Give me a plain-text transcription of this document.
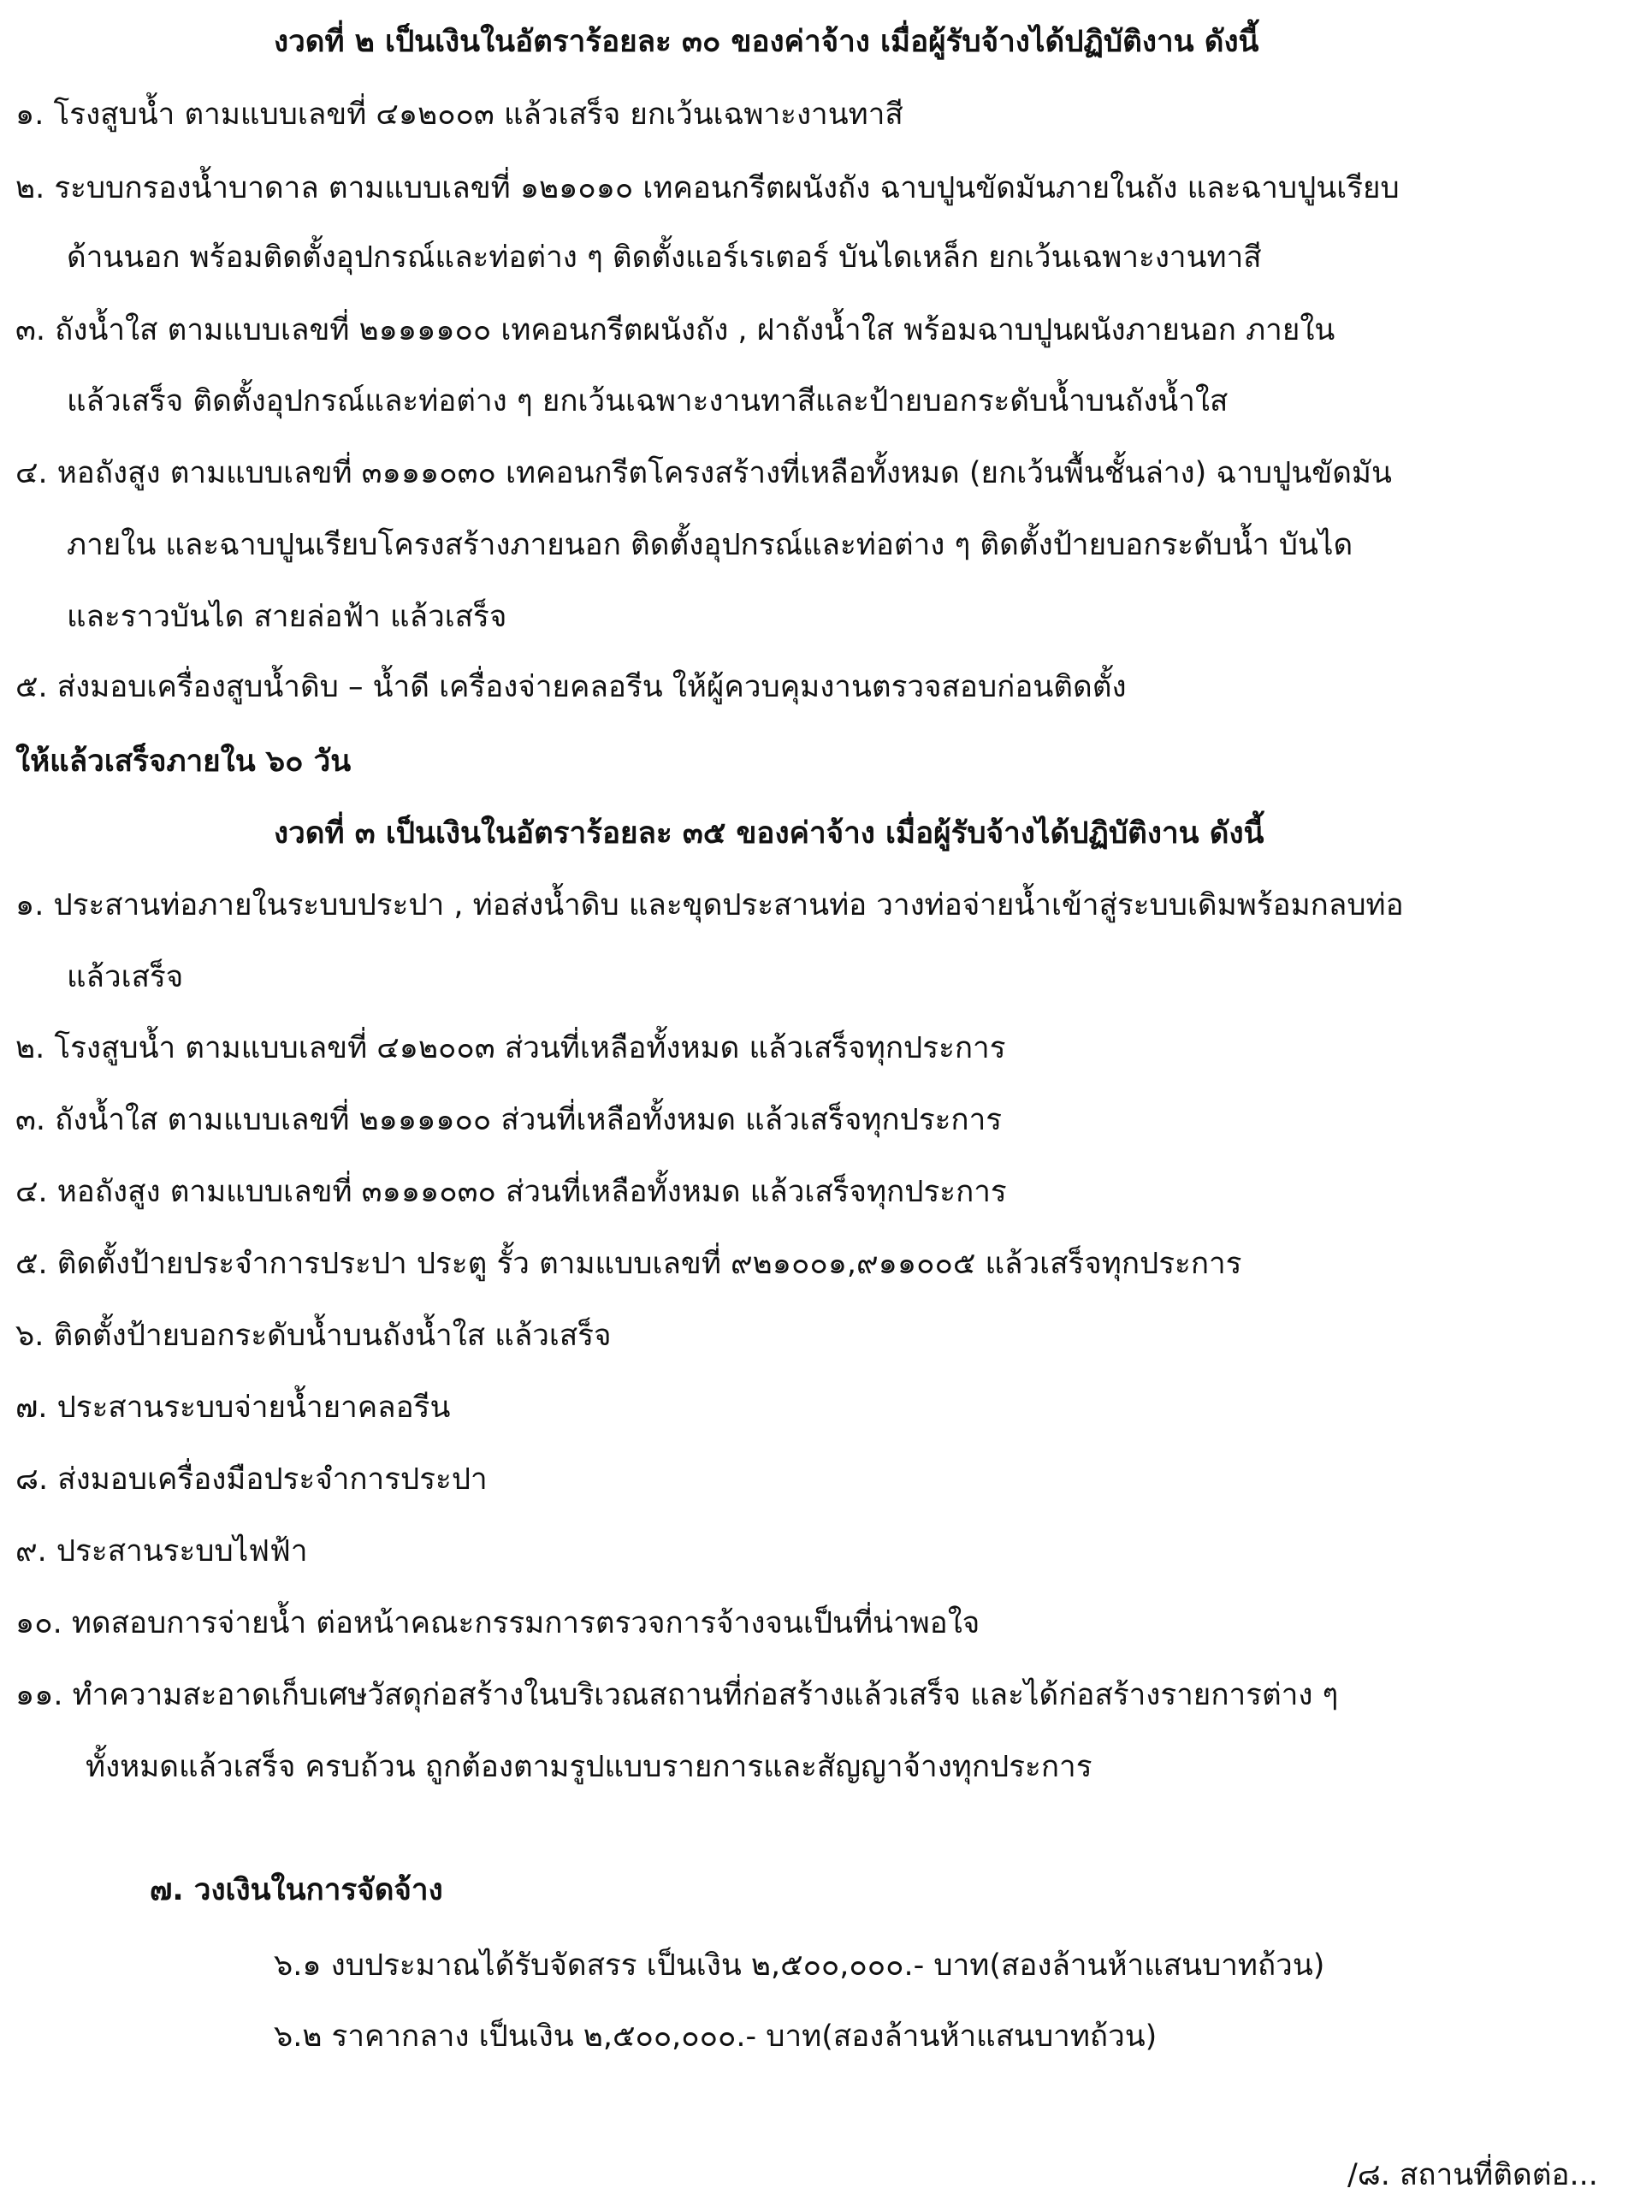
งวดที่ ๒ เป็นเงินในอัตราร้อยละ ๓๐ ของค่าจ้าง เมื่อผู้รับจ้างได้ปฏิบัติงาน ดังนี้
๑. โรงสูบน้ำ ตามแบบเลขที่ ๔๑๒๐๐๓ แล้วเสร็จ ยกเว้นเฉพาะงานทาสี
๒. ระบบกรองน้ำบาดาล ตามแบบเลขที่ ๑๒๑๐๑๐ เทคอนกรีตผนังถัง ฉาบปูนขัดมันภายในถัง และฉาบปูนเรียบ
ด้านนอก พร้อมติดตั้งอุปกรณ์และท่อต่าง ๆ ติดตั้งแอร์เรเตอร์ บันไดเหล็ก ยกเว้นเฉพาะงานทาสี
๓. ถังน้ำใส ตามแบบเลขที่ ๒๑๑๑๑๐๐ เทคอนกรีตผนังถัง , ฝาถังน้ำใส พร้อมฉาบปูนผนังภายนอก ภายใน
แล้วเสร็จ ติดตั้งอุปกรณ์และท่อต่าง ๆ ยกเว้นเฉพาะงานทาสีและป้ายบอกระดับน้ำบนถังน้ำใส
๔. หอถังสูง ตามแบบเลขที่ ๓๑๑๑๐๓๐ เทคอนกรีตโครงสร้างที่เหลือทั้งหมด (ยกเว้นพื้นชั้นล่าง) ฉาบปูนขัดมัน
ภายใน และฉาบปูนเรียบโครงสร้างภายนอก ติดตั้งอุปกรณ์และท่อต่าง ๆ ติดตั้งป้ายบอกระดับน้ำ บันได
และราวบันได สายล่อฟ้า แล้วเสร็จ
๕. ส่งมอบเครื่องสูบน้ำดิบ – น้ำดี เครื่องจ่ายคลอรีน ให้ผู้ควบคุมงานตรวจสอบก่อนติดตั้ง
ให้แล้วเสร็จภายใน ๖๐ วัน
งวดที่ ๓ เป็นเงินในอัตราร้อยละ ๓๕ ของค่าจ้าง เมื่อผู้รับจ้างได้ปฏิบัติงาน ดังนี้
๑. ประสานท่อภายในระบบประปา , ท่อส่งน้ำดิบ และขุดประสานท่อ วางท่อจ่ายน้ำเข้าสู่ระบบเดิมพร้อมกลบท่อ
แล้วเสร็จ
๒. โรงสูบน้ำ ตามแบบเลขที่ ๔๑๒๐๐๓ ส่วนที่เหลือทั้งหมด แล้วเสร็จทุกประการ
๓. ถังน้ำใส ตามแบบเลขที่ ๒๑๑๑๑๐๐ ส่วนที่เหลือทั้งหมด แล้วเสร็จทุกประการ
๔. หอถังสูง ตามแบบเลขที่ ๓๑๑๑๐๓๐ ส่วนที่เหลือทั้งหมด แล้วเสร็จทุกประการ
๕. ติดตั้งป้ายประจำการประปา ประตู รั้ว ตามแบบเลขที่ ๙๒๑๐๐๑,๙๑๑๐๐๕ แล้วเสร็จทุกประการ
๖. ติดตั้งป้ายบอกระดับน้ำบนถังน้ำใส แล้วเสร็จ
๗. ประสานระบบจ่ายน้ำยาคลอรีน
๘. ส่งมอบเครื่องมือประจำการประปา
๙. ประสานระบบไฟฟ้า
๑๐. ทดสอบการจ่ายน้ำ ต่อหน้าคณะกรรมการตรวจการจ้างจนเป็นที่น่าพอใจ
๑๑. ทำความสะอาดเก็บเศษวัสดุก่อสร้างในบริเวณสถานที่ก่อสร้างแล้วเสร็จ และได้ก่อสร้างรายการต่าง ๆ
ทั้งหมดแล้วเสร็จ ครบถ้วน ถูกต้องตามรูปแบบรายการและสัญญาจ้างทุกประการ
๗. วงเงินในการจัดจ้าง
๖.๑ งบประมาณได้รับจัดสรร เป็นเงิน ๒,๕๐๐,๐๐๐.- บาท(สองล้านห้าแสนบาทถ้วน)
๖.๒ ราคากลาง เป็นเงิน ๒,๕๐๐,๐๐๐.- บาท(สองล้านห้าแสนบาทถ้วน)
/๘. สถานที่ติดต่อ...
